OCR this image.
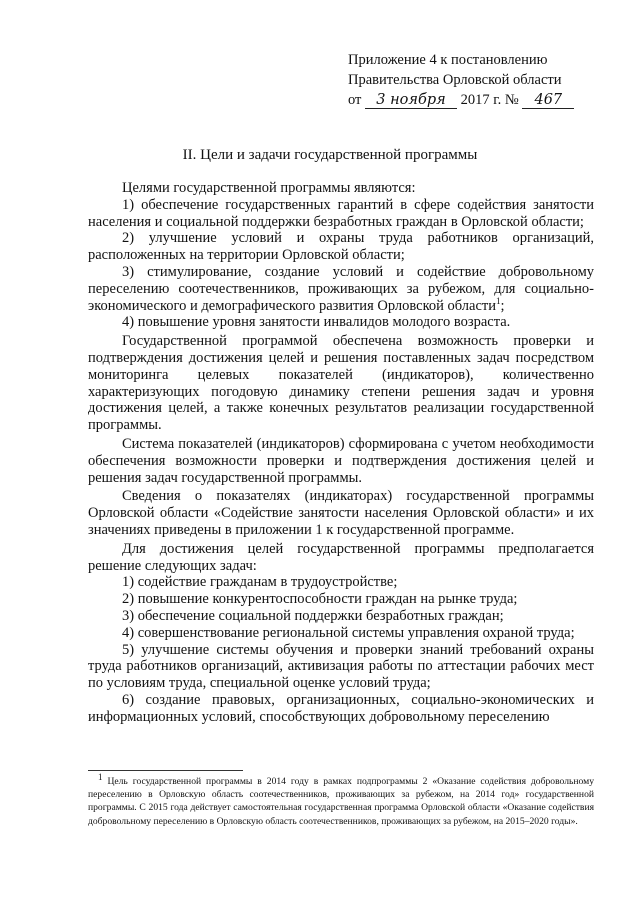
Приложение 4 к постановлению
Правительства Орловской области
от 3 ноября 2017 г. № 467
II. Цели и задачи государственной программы

Целями государственной программы являются:

1) обеспечение государственных гарантий в сфере содействия занятости населения и социальной поддержки безработных граждан в Орловской области;

2) улучшение условий и охраны труда работников организаций, расположенных на территории Орловской области;

3) стимулирование, создание условий и содействие добровольному переселению соотечественников, проживающих за рубежом, для социально-экономического и демографического развития Орловской области$^1$;

4) повышение уровня занятости инвалидов молодого возраста.

Государственной программой обеспечена возможность проверки и подтверждения достижения целей и решения поставленных задач посредством мониторинга целевых показателей (индикаторов), количественно характеризующих погодовую динамику степени решения задач и уровня достижения целей, а также конечных результатов реализации государственной программы.

Система показателей (индикаторов) сформирована с учетом необходимости обеспечения возможности проверки и подтверждения достижения целей и решения задач государственной программы.

Сведения о показателях (индикаторах) государственной программы Орловской области «Содействие занятости населения Орловской области» и их значениях приведены в приложении 1 к государственной программе.

Для достижения целей государственной программы предполагается решение следующих задач:

1) содействие гражданам в трудоустройстве;

2) повышение конкурентоспособности граждан на рынке труда;

3) обеспечение социальной поддержки безработных граждан;

4) совершенствование региональной системы управления охраной труда;

5) улучшение системы обучения и проверки знаний требований охраны труда работников организаций, активизация работы по аттестации рабочих мест по условиям труда, специальной оценке условий труда;

6) создание правовых, организационных, социально-экономических и информационных условий, способствующих добровольному переселению

$^1$ Цель государственной программы в 2014 году в рамках подпрограммы 2 «Оказание содействия добровольному переселению в Орловскую область соотечественников, проживающих за рубежом, на 2014 год» государственной программы. С 2015 года действует самостоятельная государственная программа Орловской области «Оказание содействия добровольному переселению в Орловскую область соотечественников, проживающих за рубежом, на 2015–2020 годы».
